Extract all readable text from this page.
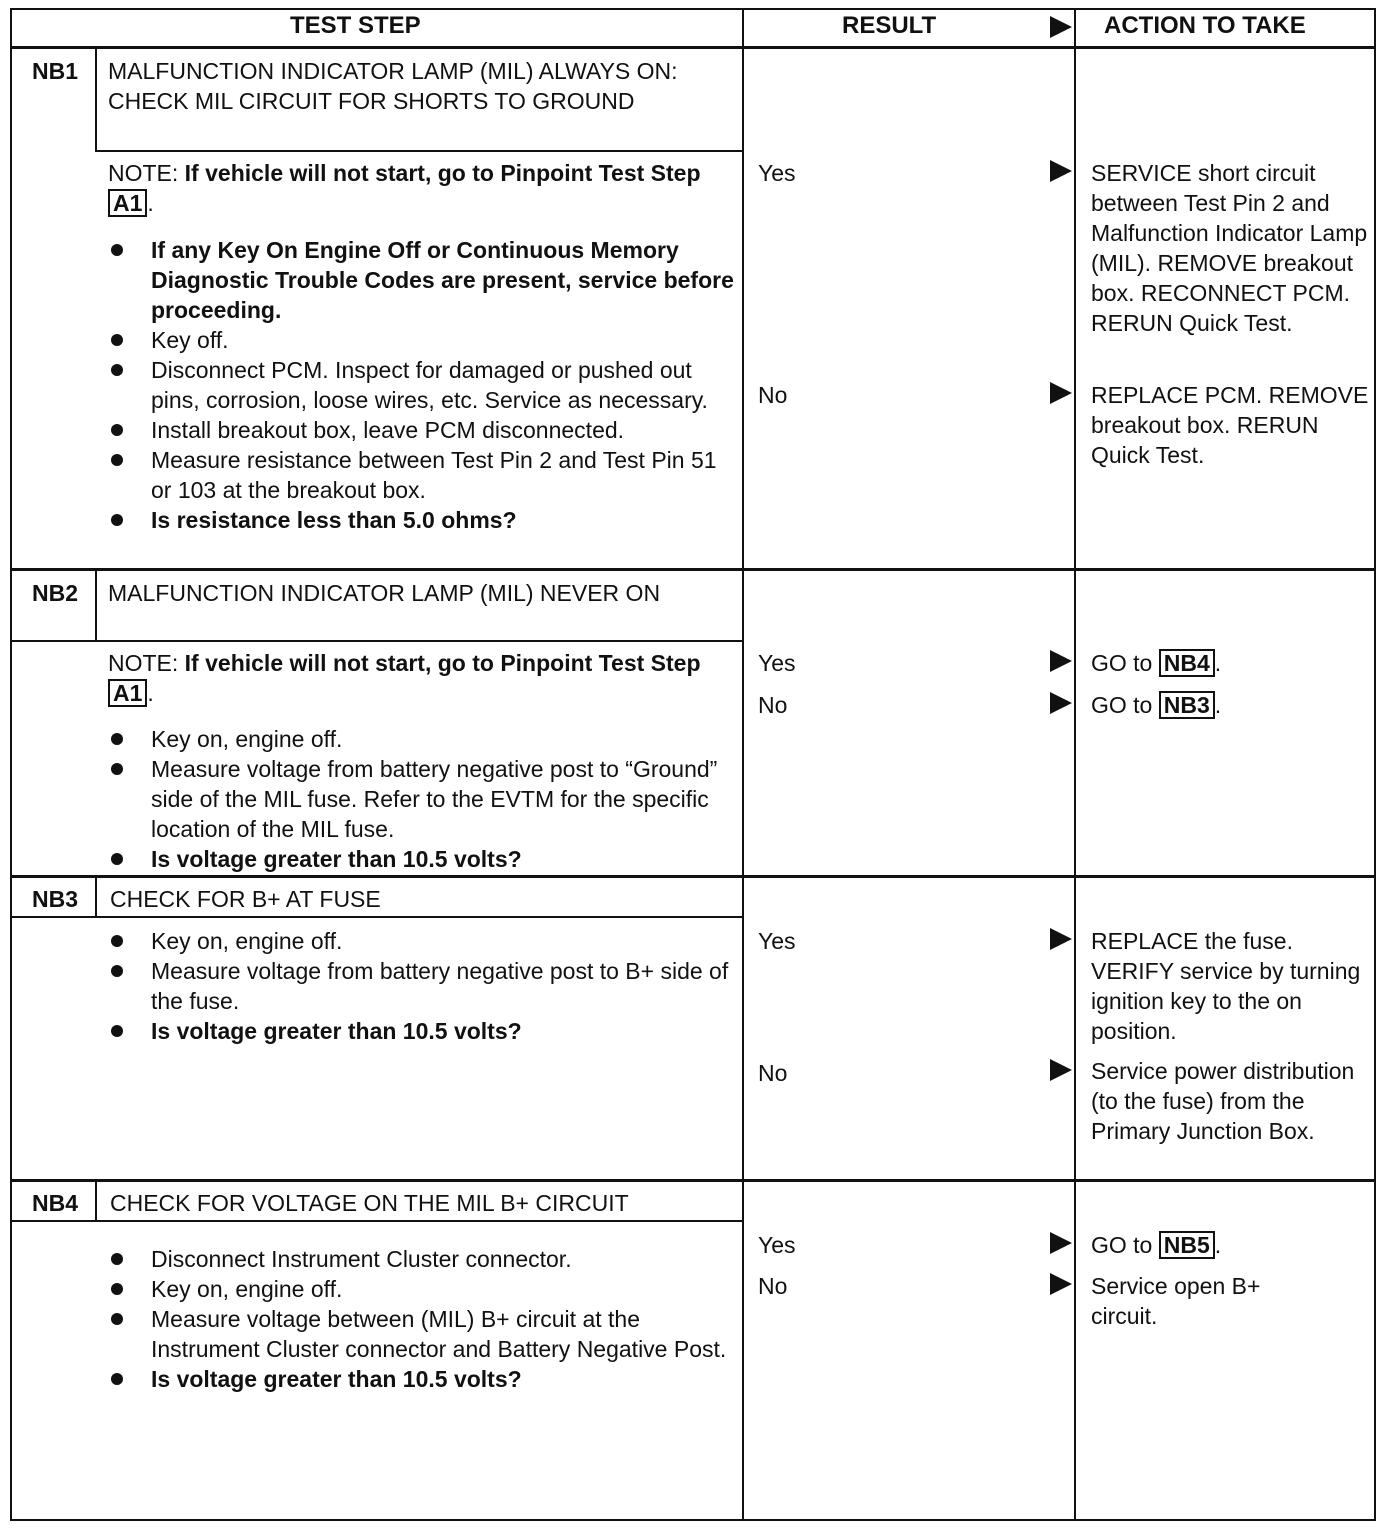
TEST STEP	RESULT	ACTION TO TAKE
NB1	MALFUNCTION INDICATOR LAMP (MIL) ALWAYS ON: CHECK MIL CIRCUIT FOR SHORTS TO GROUND
NOTE: If vehicle will not start, go to Pinpoint Test StepA1 .
If any Key On Engine Off or Continuous Memory Diagnostic Trouble Codes are present, service before proceeding.
Key off.
Disconnect PCM. Inspect for damaged or pushed out pins, corrosion, loose wires, etc. Service as necessary.
Install breakout box, leave PCM disconnected.
Measure resistance between Test Pin 2 and Test Pin 51 or 103 at the breakout box.
Is resistance less than 5.0 ohms?
Yes	SERVICE short circuit between Test Pin 2 and Malfunction Indicator Lamp (MIL). REMOVE breakout box. RECONNECT PCM. RERUN Quick Test.
No	REPLACE PCM. REMOVE breakout box. RERUN Quick Test.
NB2	MALFUNCTION INDICATOR LAMP (MIL) NEVER ON
NOTE: If vehicle will not start, go to Pinpoint Test Step A1 .
Key on, engine off.
Measure voltage from battery negative post to “Ground” side of the MIL fuse. Refer to the EVTM for the specific location of the MIL fuse.
Is voltage greater than 10.5 volts?
Yes	GO to NB4 .
No	GO to NB3 .
NB3	CHECK FOR B+ AT FUSE
Key on, engine off.
Measure voltage from battery negative post to B+ side of the fuse.
Is voltage greater than 10.5 volts?
Yes	REPLACE the fuse. VERIFY service by turning ignition key to the on position.
No	Service power distribution (to the fuse) from the Primary Junction Box.
NB4	CHECK FOR VOLTAGE ON THE MIL B+ CIRCUIT
Disconnect Instrument Cluster connector.
Key on, engine off.
Measure voltage between (MIL) B+ circuit at the Instrument Cluster connector and Battery Negative Post.
Is voltage greater than 10.5 volts?
Yes	GO to NB5 .
No	Service open B+ circuit.
